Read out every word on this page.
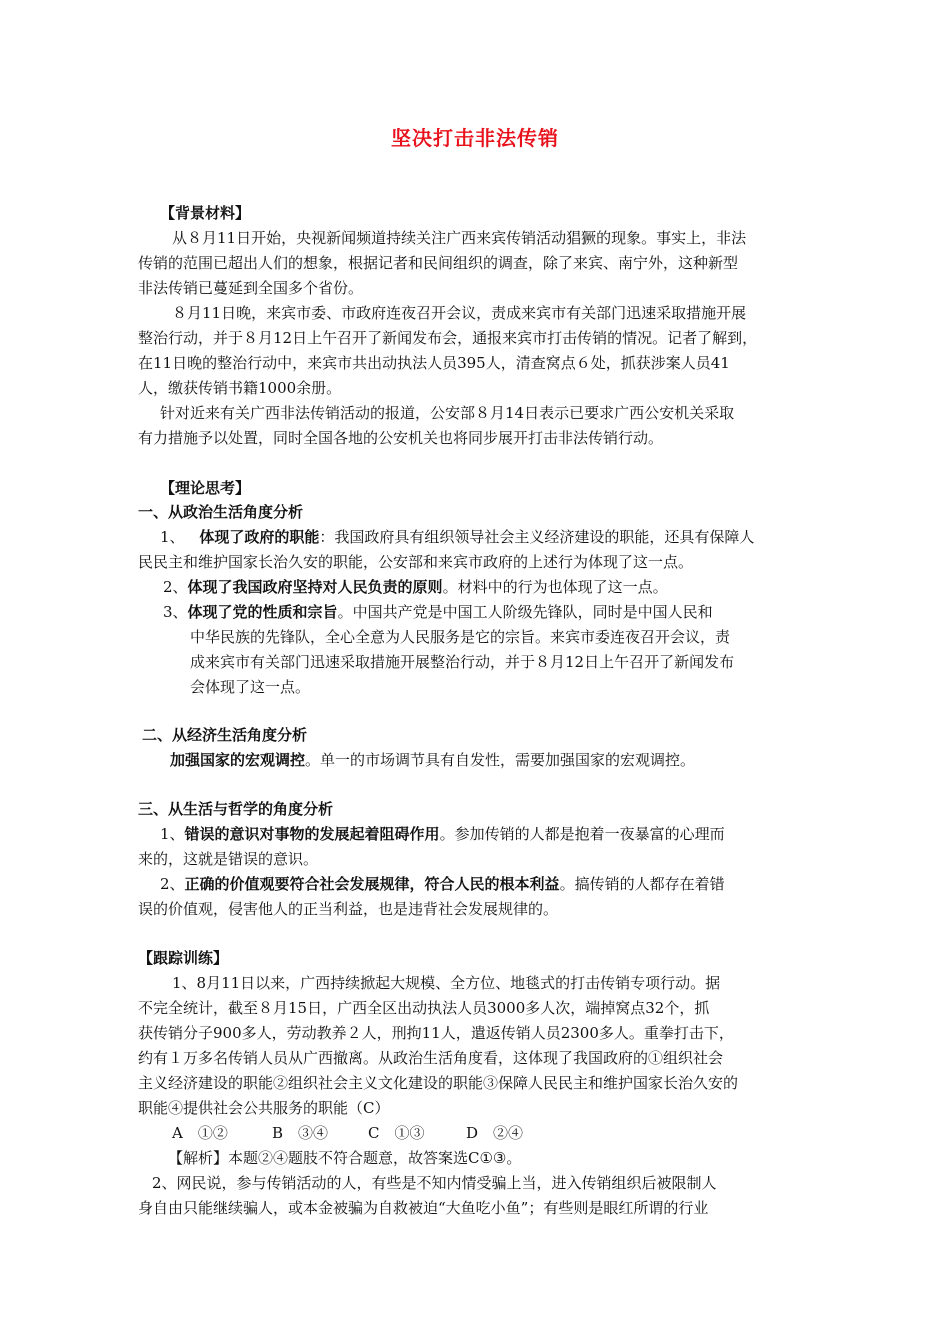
坚决打击非法传销
【背景材料】
从８月11日开始，央视新闻频道持续关注广西来宾传销活动猖獗的现象。事实上，非法
传销的范围已超出人们的想象，根据记者和民间组织的调查，除了来宾、南宁外，这种新型
非法传销已蔓延到全国多个省份。
８月11日晚，来宾市委、市政府连夜召开会议，责成来宾市有关部门迅速采取措施开展
整治行动，并于８月12日上午召开了新闻发布会，通报来宾市打击传销的情况。记者了解到，
在11日晚的整治行动中，来宾市共出动执法人员395人，清查窝点６处，抓获涉案人员41
人，缴获传销书籍1000余册。
针对近来有关广西非法传销活动的报道，公安部８月14日表示已要求广西公安机关采取
有力措施予以处置，同时全国各地的公安机关也将同步展开打击非法传销行动。
【理论思考】
一、从政治生活角度分析
1、 体现了政府的职能：我国政府具有组织领导社会主义经济建设的职能，还具有保障人
民民主和维护国家长治久安的职能，公安部和来宾市政府的上述行为体现了这一点。
2、体现了我国政府坚持对人民负责的原则。材料中的行为也体现了这一点。
3、体现了党的性质和宗旨。中国共产党是中国工人阶级先锋队，同时是中国人民和
中华民族的先锋队，全心全意为人民服务是它的宗旨。来宾市委连夜召开会议，责
成来宾市有关部门迅速采取措施开展整治行动，并于８月12日上午召开了新闻发布
会体现了这一点。
二、从经济生活角度分析
加强国家的宏观调控。单一的市场调节具有自发性，需要加强国家的宏观调控。
三、从生活与哲学的角度分析
1、错误的意识对事物的发展起着阻碍作用。参加传销的人都是抱着一夜暴富的心理而
来的，这就是错误的意识。
2、正确的价值观要符合社会发展规律，符合人民的根本利益。搞传销的人都存在着错
误的价值观，侵害他人的正当利益，也是违背社会发展规律的。
【跟踪训练】
1、8月11日以来，广西持续掀起大规模、全方位、地毯式的打击传销专项行动。据
不完全统计，截至８月15日，广西全区出动执法人员3000多人次，端掉窝点32个，抓
获传销分子900多人，劳动教养２人，刑拘11人，遣返传销人员2300多人。重拳打击下，
约有１万多名传销人员从广西撤离。从政治生活角度看，这体现了我国政府的①组织社会
主义经济建设的职能②组织社会主义文化建设的职能③保障人民民主和维护国家长治久安的
职能④提供社会公共服务的职能（C）
A　①②	B　③④	C　①③	D　②④
【解析】本题②④题肢不符合题意，故答案选C①③。
2、网民说，参与传销活动的人，有些是不知内情受骗上当，进入传销组织后被限制人
身自由只能继续骗人，或本金被骗为自救被迫“大鱼吃小鱼”；有些则是眼红所谓的行业
